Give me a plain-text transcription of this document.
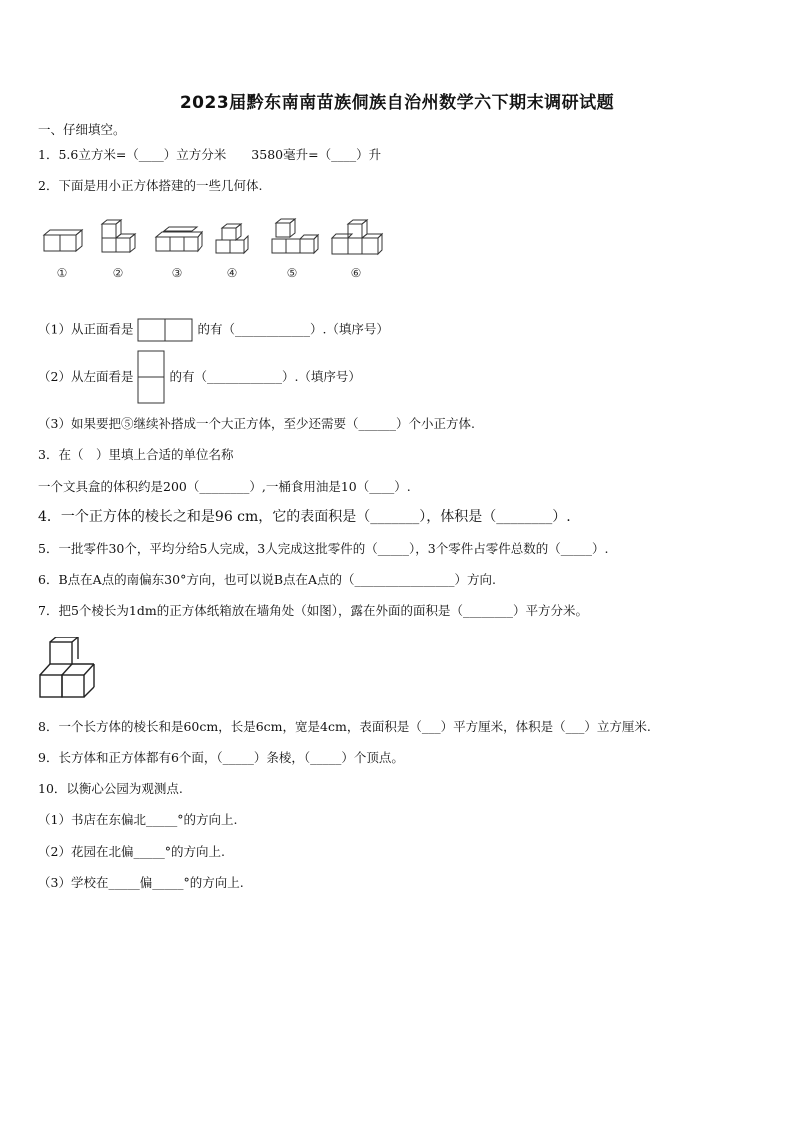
2023届黔东南南苗族侗族自治州数学六下期末调研试题
一、仔细填空。
1．5.6立方米=（____）立方分米　　3580毫升=（____）升
2．下面是用小正方体搭建的一些几何体.
①	②	③	④	⑤	⑥
（1）从正面看是	的有（____________）.（填序号）
（2）从左面看是	的有（____________）.（填序号）
（3）如果要把⑤继续补搭成一个大正方体，至少还需要（______）个小正方体.
3．在（　）里填上合适的单位名称
一个文具盒的体积约是200（________）,一桶食用油是10（____）.
4．一个正方体的棱长之和是96 cm，它的表面积是（_______），体积是（________）.
5．一批零件30个，平均分给5人完成，3人完成这批零件的（_____），3个零件占零件总数的（_____）.
6．B点在A点的南偏东30°方向，也可以说B点在A点的（________________）方向.
7．把5个棱长为1dm的正方体纸箱放在墙角处（如图），露在外面的面积是（________）平方分米。
8．一个长方体的棱长和是60cm，长是6cm，宽是4cm，表面积是（___）平方厘米，体积是（___）立方厘米.
9．长方体和正方体都有6个面，（_____）条棱，（_____）个顶点。
10．以衡心公园为观测点.
（1）书店在东偏北_____°的方向上.
（2）花园在北偏_____°的方向上.
（3）学校在_____偏_____°的方向上.
